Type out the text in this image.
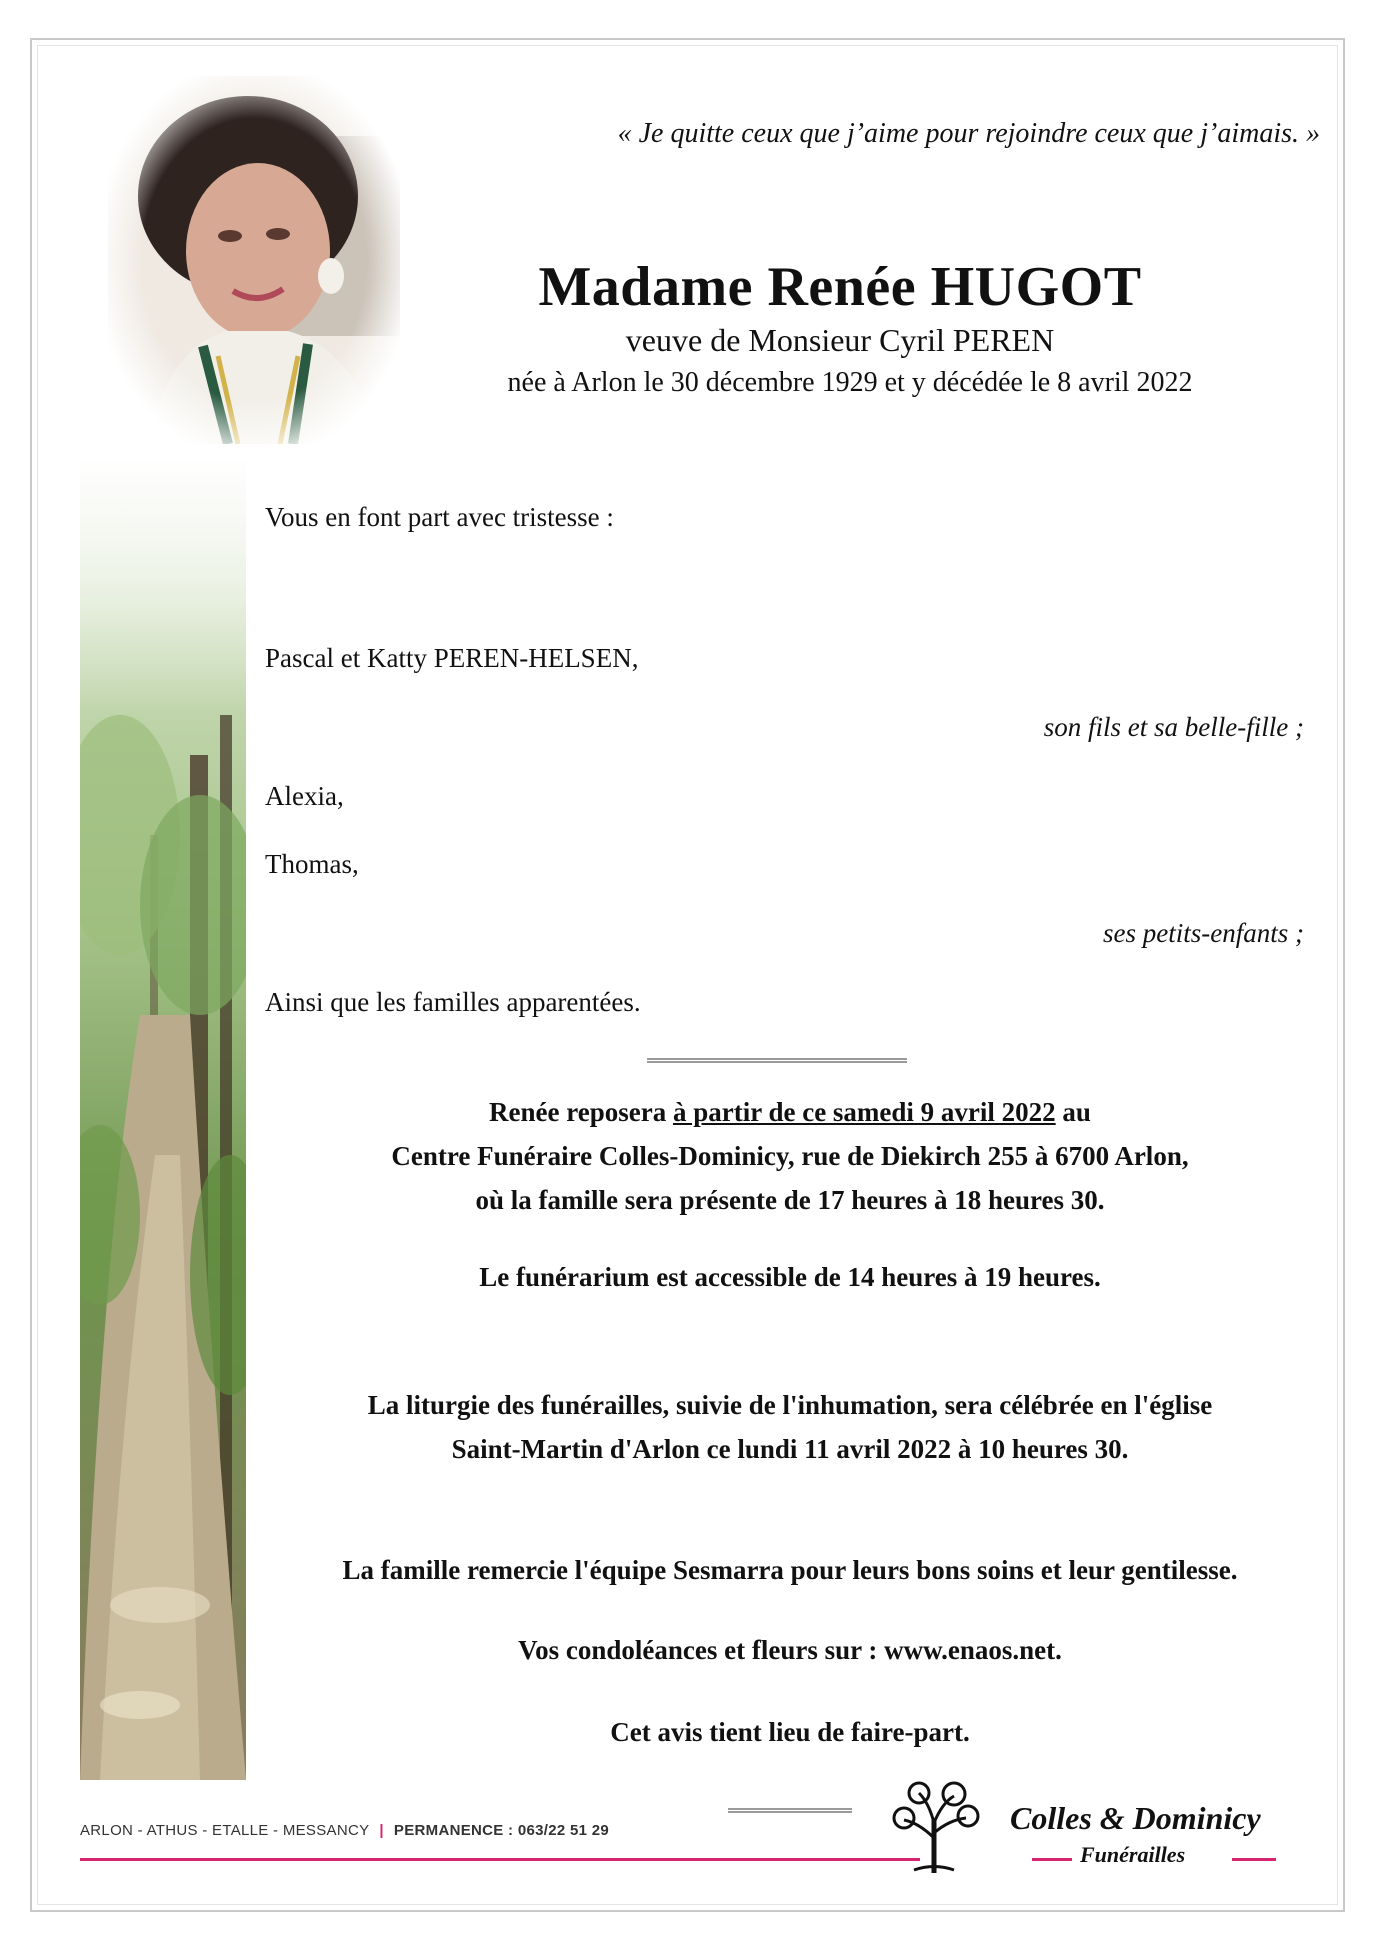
« Je quitte ceux que j’aime pour rejoindre ceux que j’aimais. »
Madame Renée HUGOT
veuve de Monsieur Cyril PEREN
née à Arlon le 30 décembre 1929 et y décédée le 8 avril 2022
Vous en font part avec tristesse :
Pascal et Katty PEREN-HELSEN,
son fils et sa belle-fille ;
Alexia,
Thomas,
ses petits-enfants ;
Ainsi que les familles apparentées.
Renée reposera à partir de ce samedi 9 avril 2022 au
Centre Funéraire Colles-Dominicy, rue de Diekirch 255 à 6700 Arlon,
où la famille sera présente de 17 heures à 18 heures 30.
Le funérarium est accessible de 14 heures à 19 heures.
La liturgie des funérailles, suivie de l'inhumation, sera célébrée en l'église
Saint-Martin d'Arlon ce lundi 11 avril 2022 à 10 heures 30.
La famille remercie l'équipe Sesmarra pour leurs bons soins et leur gentilesse.
Vos condoléances et fleurs sur : www.enaos.net.
Cet avis tient lieu de faire-part.
ARLON - ATHUS - ETALLE - MESSANCY | PERMANENCE : 063/22 51 29	Colles & Dominicy
Funérailles
